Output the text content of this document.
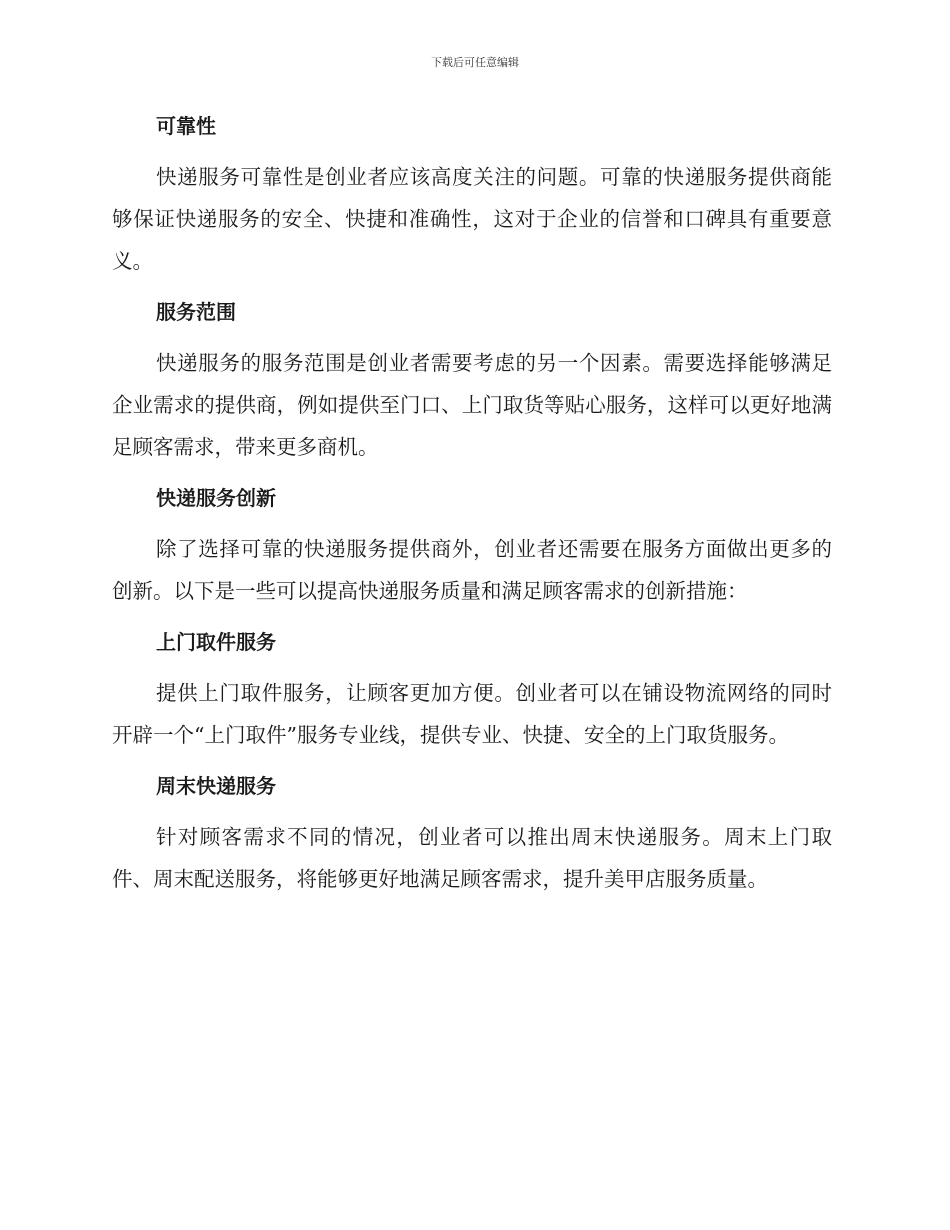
下载后可任意编辑
可靠性

快递服务可靠性是创业者应该高度关注的问题。可靠的快递服务提供商能够保证快递服务的安全、快捷和准确性，这对于企业的信誉和口碑具有重要意义。

服务范围

快递服务的服务范围是创业者需要考虑的另一个因素。需要选择能够满足企业需求的提供商，例如提供至门口、上门取货等贴心服务，这样可以更好地满足顾客需求，带来更多商机。

快递服务创新

除了选择可靠的快递服务提供商外，创业者还需要在服务方面做出更多的创新。以下是一些可以提高快递服务质量和满足顾客需求的创新措施：

上门取件服务

提供上门取件服务，让顾客更加方便。创业者可以在铺设物流网络的同时开辟一个“上门取件”服务专业线，提供专业、快捷、安全的上门取货服务。

周末快递服务

针对顾客需求不同的情况，创业者可以推出周末快递服务。周末上门取件、周末配送服务，将能够更好地满足顾客需求，提升美甲店服务质量。
